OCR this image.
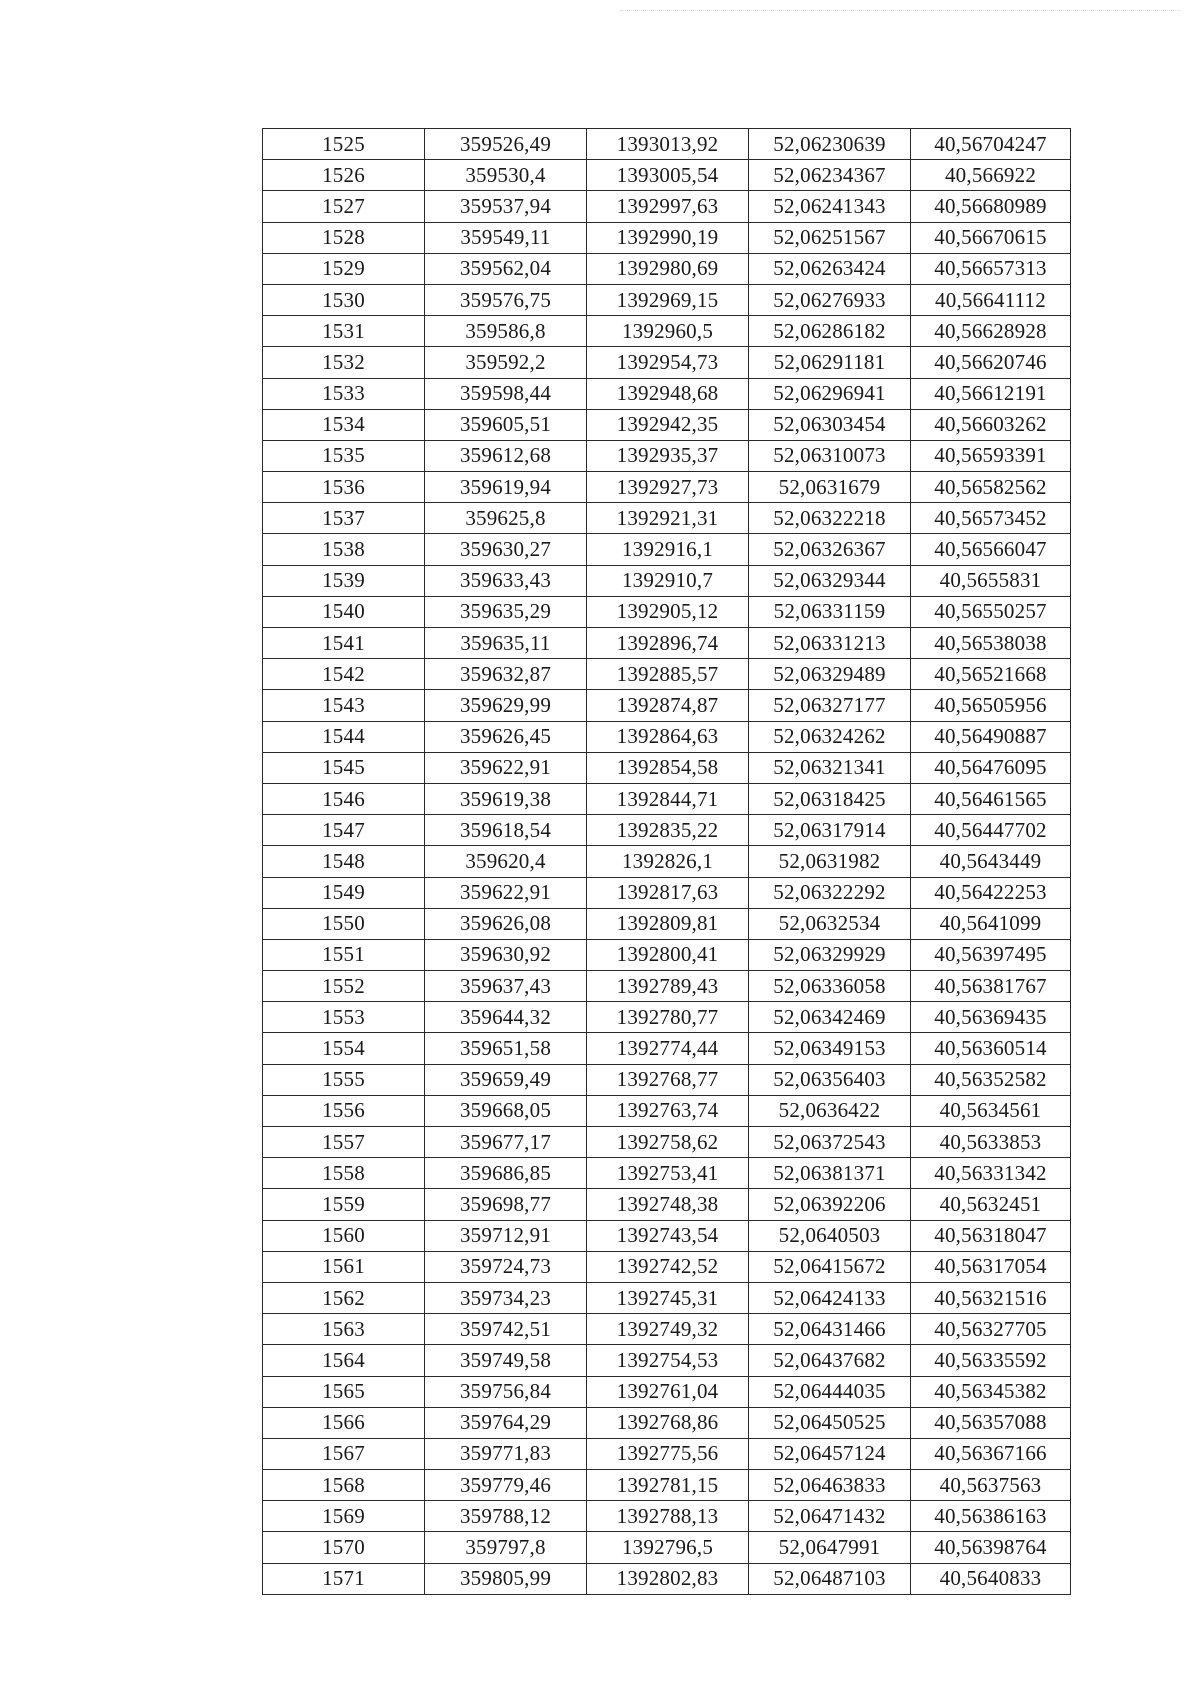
1525	359526,49	1393013,92	52,06230639	40,56704247
1526	359530,4	1393005,54	52,06234367	40,566922
1527	359537,94	1392997,63	52,06241343	40,56680989
1528	359549,11	1392990,19	52,06251567	40,56670615
1529	359562,04	1392980,69	52,06263424	40,56657313
1530	359576,75	1392969,15	52,06276933	40,56641112
1531	359586,8	1392960,5	52,06286182	40,56628928
1532	359592,2	1392954,73	52,06291181	40,56620746
1533	359598,44	1392948,68	52,06296941	40,56612191
1534	359605,51	1392942,35	52,06303454	40,56603262
1535	359612,68	1392935,37	52,06310073	40,56593391
1536	359619,94	1392927,73	52,0631679	40,56582562
1537	359625,8	1392921,31	52,06322218	40,56573452
1538	359630,27	1392916,1	52,06326367	40,56566047
1539	359633,43	1392910,7	52,06329344	40,5655831
1540	359635,29	1392905,12	52,06331159	40,56550257
1541	359635,11	1392896,74	52,06331213	40,56538038
1542	359632,87	1392885,57	52,06329489	40,56521668
1543	359629,99	1392874,87	52,06327177	40,56505956
1544	359626,45	1392864,63	52,06324262	40,56490887
1545	359622,91	1392854,58	52,06321341	40,56476095
1546	359619,38	1392844,71	52,06318425	40,56461565
1547	359618,54	1392835,22	52,06317914	40,56447702
1548	359620,4	1392826,1	52,0631982	40,5643449
1549	359622,91	1392817,63	52,06322292	40,56422253
1550	359626,08	1392809,81	52,0632534	40,5641099
1551	359630,92	1392800,41	52,06329929	40,56397495
1552	359637,43	1392789,43	52,06336058	40,56381767
1553	359644,32	1392780,77	52,06342469	40,56369435
1554	359651,58	1392774,44	52,06349153	40,56360514
1555	359659,49	1392768,77	52,06356403	40,56352582
1556	359668,05	1392763,74	52,0636422	40,5634561
1557	359677,17	1392758,62	52,06372543	40,5633853
1558	359686,85	1392753,41	52,06381371	40,56331342
1559	359698,77	1392748,38	52,06392206	40,5632451
1560	359712,91	1392743,54	52,0640503	40,56318047
1561	359724,73	1392742,52	52,06415672	40,56317054
1562	359734,23	1392745,31	52,06424133	40,56321516
1563	359742,51	1392749,32	52,06431466	40,56327705
1564	359749,58	1392754,53	52,06437682	40,56335592
1565	359756,84	1392761,04	52,06444035	40,56345382
1566	359764,29	1392768,86	52,06450525	40,56357088
1567	359771,83	1392775,56	52,06457124	40,56367166
1568	359779,46	1392781,15	52,06463833	40,5637563
1569	359788,12	1392788,13	52,06471432	40,56386163
1570	359797,8	1392796,5	52,0647991	40,56398764
1571	359805,99	1392802,83	52,06487103	40,5640833
